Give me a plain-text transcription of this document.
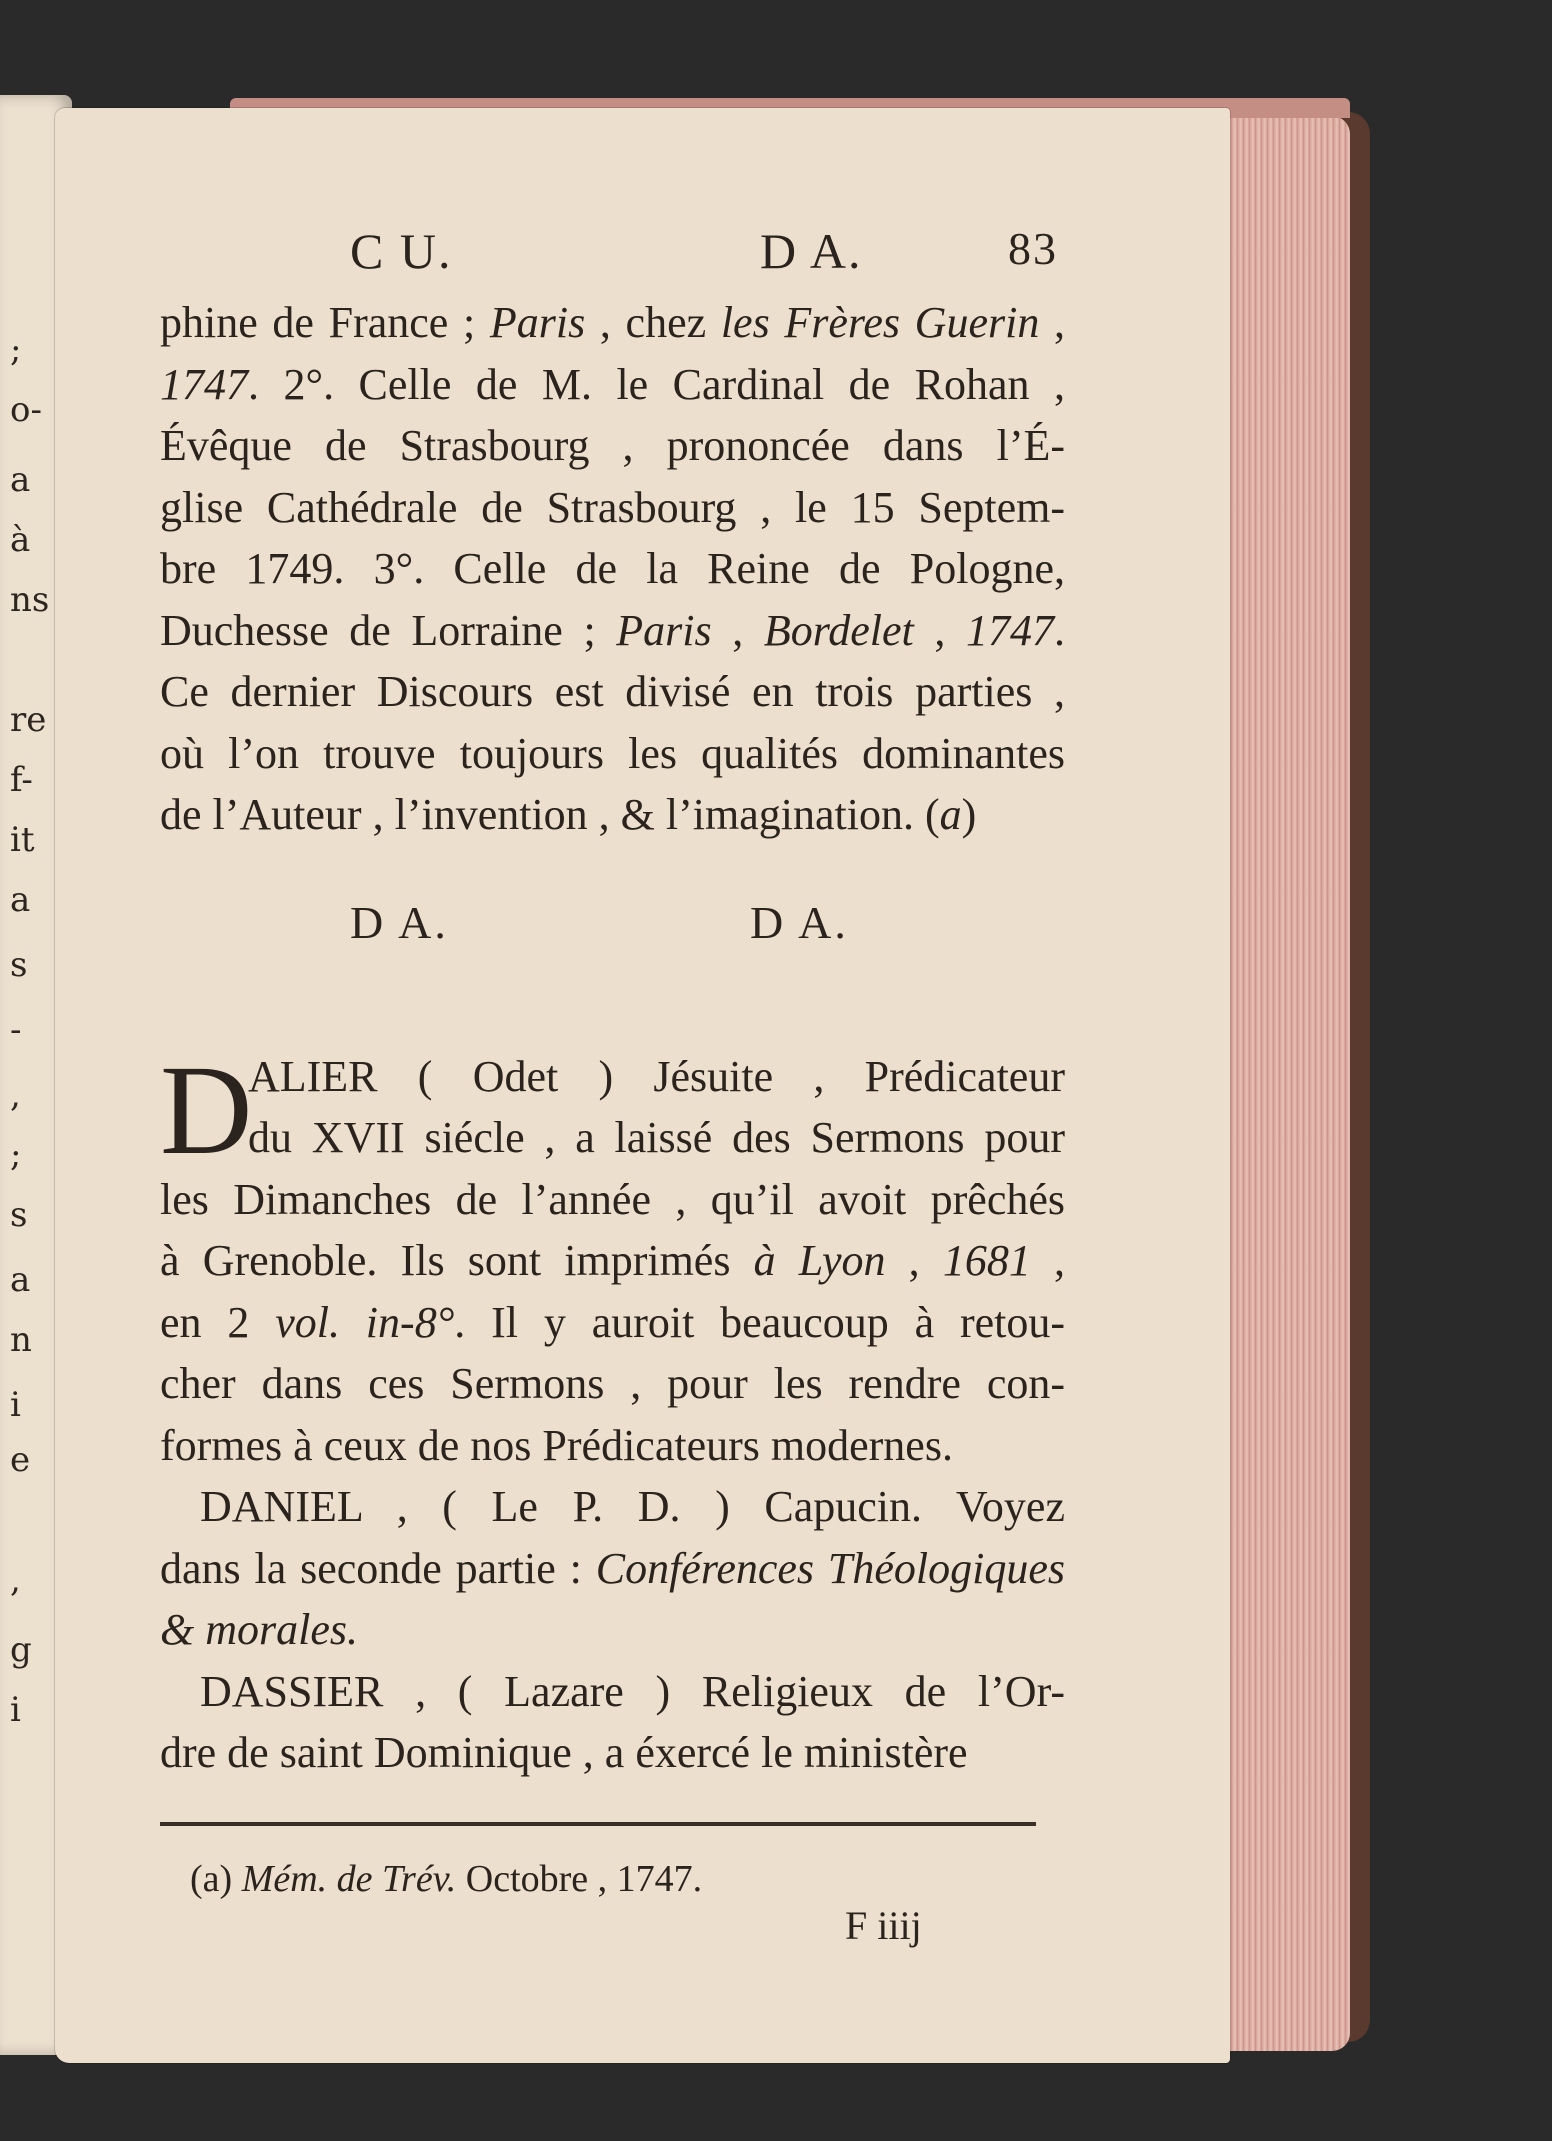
;
o-
a
à
ns
re
f-
it
a
s
-
,
;
s
a
n
i
e
,
g
i
C U.	D A.	83
phine de France ; Paris , chez les Frères Guerin ,
1747. 2°. Celle de M. le Cardinal de Rohan ,
Évêque de Strasbourg , prononcée dans l’É-
glise Cathédrale de Strasbourg , le 15 Septem-
bre 1749. 3°. Celle de la Reine de Pologne,
Duchesse de Lorraine ; Paris , Bordelet , 1747.
Ce dernier Discours est divisé en trois parties ,
où l’on trouve toujours les qualités dominantes
de l’Auteur , l’invention , & l’imagination. (a)
D A.	D A.
D
ALIER ( Odet ) Jésuite , Prédicateur
du XVII siécle , a laissé des Sermons pour
les Dimanches de l’année , qu’il avoit prêchés
à Grenoble. Ils sont imprimés à Lyon , 1681 ,
en 2 vol. in-8°. Il y auroit beaucoup à retou-
cher dans ces Sermons , pour les rendre con-
formes à ceux de nos Prédicateurs modernes.
DANIEL , ( Le P. D. ) Capucin. Voyez
dans la seconde partie : Conférences Théologiques
& morales.
DASSIER , ( Lazare ) Religieux de l’Or-
dre de saint Dominique , a éxercé le ministère
(a) Mém. de Trév. Octobre , 1747.
F iiij
